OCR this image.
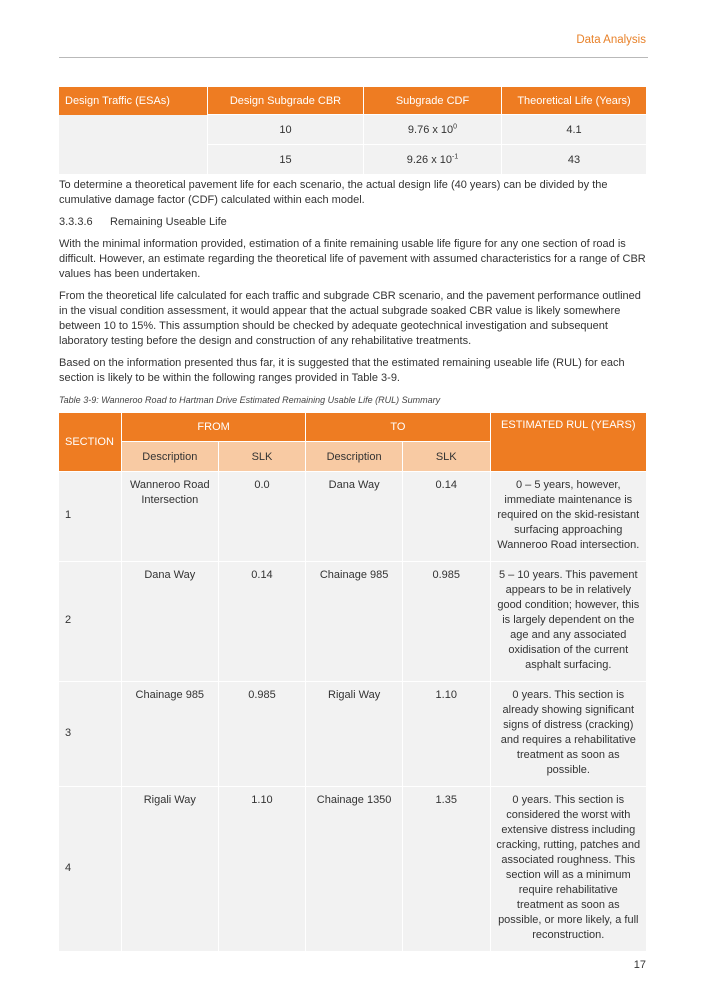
Data Analysis
Design Traffic (ESAs)	Design Subgrade CBR	Subgrade CDF	Theoretical Life (Years)
	10	9.76 x $10^0$	4.1
	15	9.26 x $10^{-1}$	43

To determine a theoretical pavement life for each scenario, the actual design life (40 years) can be divided by the cumulative damage factor (CDF) calculated within each model.

3.3.3.6 Remaining Useable Life

With the minimal information provided, estimation of a finite remaining usable life figure for any one section of road is difficult. However, an estimate regarding the theoretical life of pavement with assumed characteristics for a range of CBR values has been undertaken.

From the theoretical life calculated for each traffic and subgrade CBR scenario, and the pavement performance outlined in the visual condition assessment, it would appear that the actual subgrade soaked CBR value is likely somewhere between 10 to 15%. This assumption should be checked by adequate geotechnical investigation and subsequent laboratory testing before the design and construction of any rehabilitative treatments.

Based on the information presented thus far, it is suggested that the estimated remaining useable life (RUL) for each section is likely to be within the following ranges provided in Table 3-9.

Table 3-9: Wanneroo Road to Hartman Drive Estimated Remaining Usable Life (RUL) Summary
SECTION	FROM		TO		ESTIMATED RUL (YEARS)
	Description	SLK	Description	SLK	
1	Wanneroo Road Intersection	0.0	Dana Way	0.14	0 – 5 years, however, immediate maintenance is required on the skid-resistant surfacing approaching Wanneroo Road intersection.
2	Dana Way	0.14	Chainage 985	0.985	5 – 10 years. This pavement appears to be in relatively good condition; however, this is largely dependent on the age and any associated oxidisation of the current asphalt surfacing.
3	Chainage 985	0.985	Rigali Way	1.10	0 years. This section is already showing significant signs of distress (cracking) and requires a rehabilitative treatment as soon as possible.
4	Rigali Way	1.10	Chainage 1350	1.35	0 years. This section is considered the worst with extensive distress including cracking, rutting, patches and associated roughness. This section will as a minimum require rehabilitative treatment as soon as possible, or more likely, a full reconstruction.
17
